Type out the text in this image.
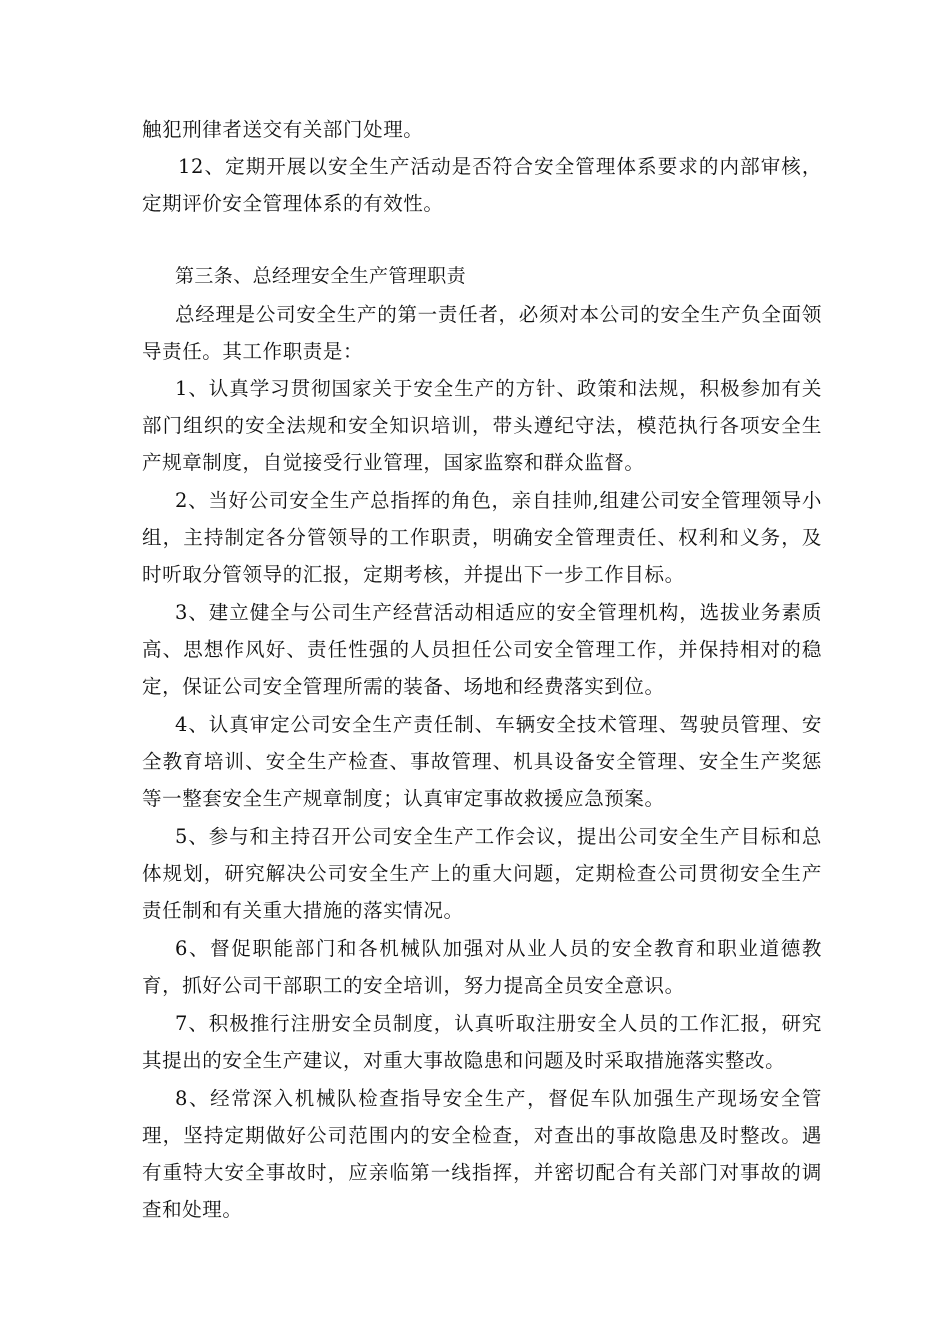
触犯刑律者送交有关部门处理。

12、定期开展以安全生产活动是否符合安全管理体系要求的内部审核，定期评价安全管理体系的有效性。

第三条、总经理安全生产管理职责

总经理是公司安全生产的第一责任者，必须对本公司的安全生产负全面领导责任。其工作职责是：

1、认真学习贯彻国家关于安全生产的方针、政策和法规，积极参加有关部门组织的安全法规和安全知识培训，带头遵纪守法，模范执行各项安全生产规章制度，自觉接受行业管理，国家监察和群众监督。

2、当好公司安全生产总指挥的角色，亲自挂帅,组建公司安全管理领导小组，主持制定各分管领导的工作职责，明确安全管理责任、权利和义务，及时听取分管领导的汇报，定期考核，并提出下一步工作目标。

3、建立健全与公司生产经营活动相适应的安全管理机构，选拔业务素质高、思想作风好、责任性强的人员担任公司安全管理工作，并保持相对的稳定，保证公司安全管理所需的装备、场地和经费落实到位。

4、认真审定公司安全生产责任制、车辆安全技术管理、驾驶员管理、安全教育培训、安全生产检查、事故管理、机具设备安全管理、安全生产奖惩等一整套安全生产规章制度；认真审定事故救援应急预案。

5、参与和主持召开公司安全生产工作会议，提出公司安全生产目标和总体规划，研究解决公司安全生产上的重大问题，定期检查公司贯彻安全生产责任制和有关重大措施的落实情况。

6、督促职能部门和各机械队加强对从业人员的安全教育和职业道德教育，抓好公司干部职工的安全培训，努力提高全员安全意识。

7、积极推行注册安全员制度，认真听取注册安全人员的工作汇报，研究其提出的安全生产建议，对重大事故隐患和问题及时采取措施落实整改。

8、经常深入机械队检查指导安全生产，督促车队加强生产现场安全管理，坚持定期做好公司范围内的安全检查，对查出的事故隐患及时整改。遇有重特大安全事故时，应亲临第一线指挥，并密切配合有关部门对事故的调查和处理。
